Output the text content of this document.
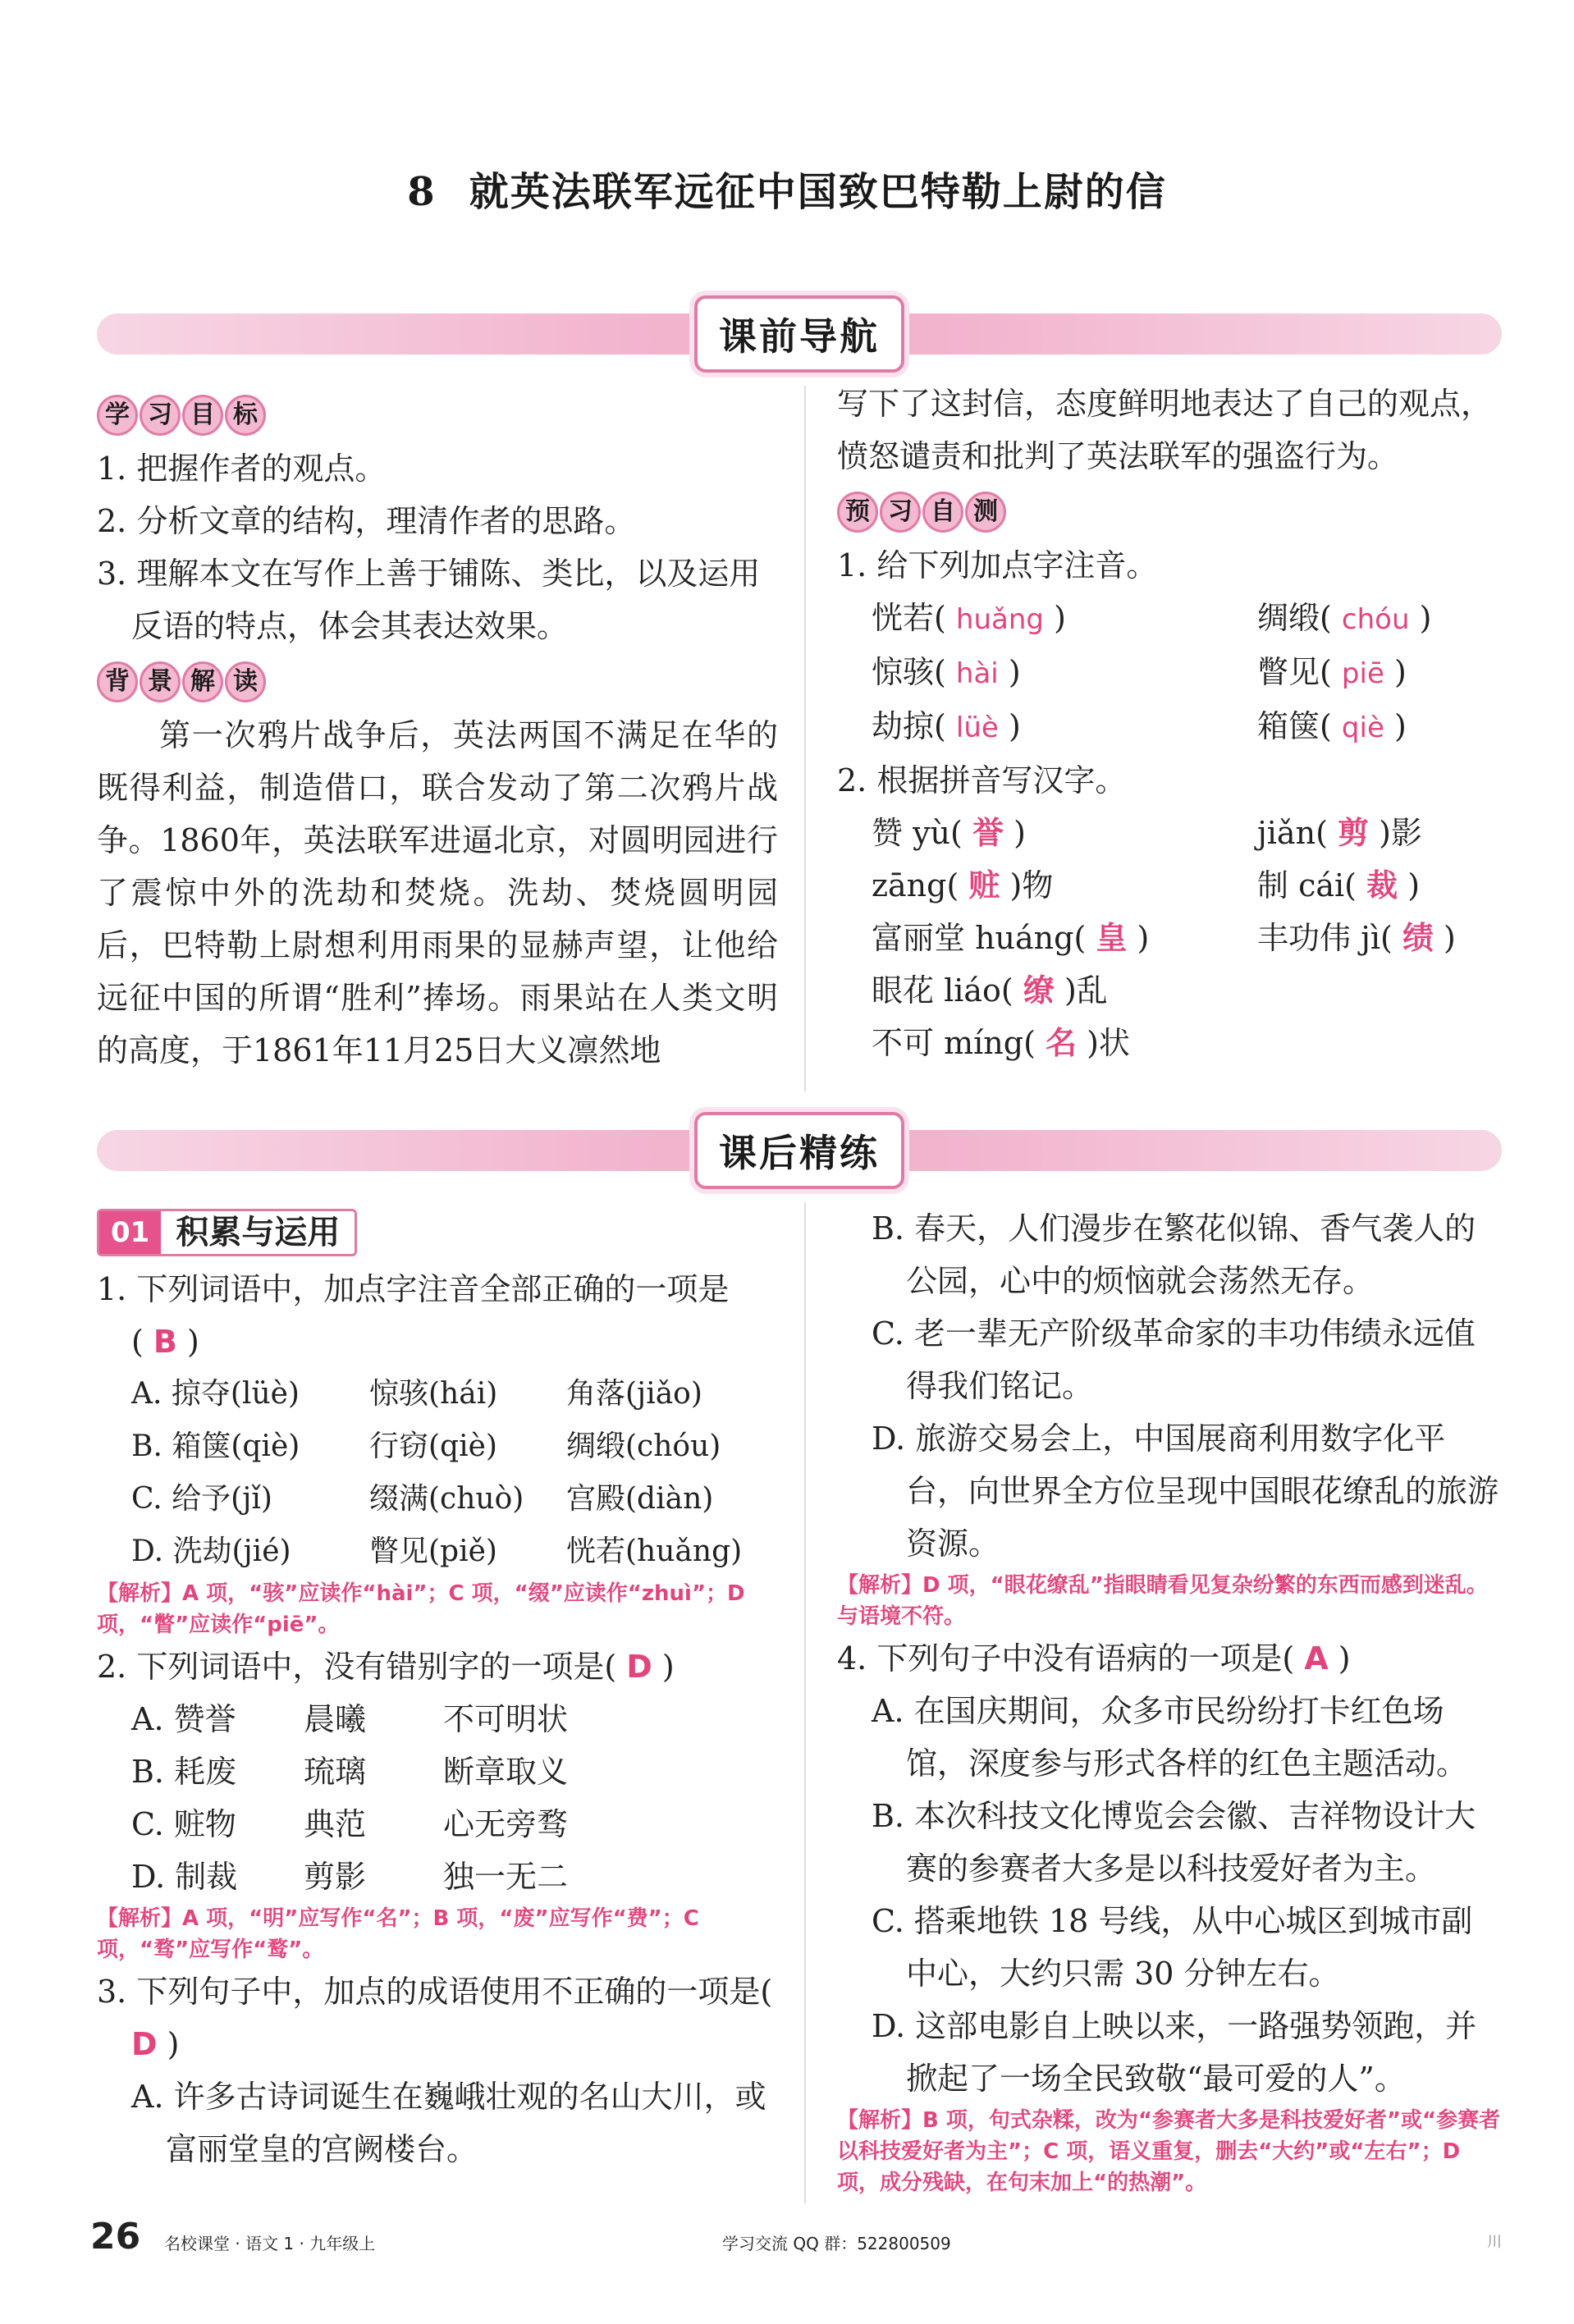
8 就英法联军远征中国致巴特勒上尉的信
课前导航
学 习 目 标

1. 把握作者的观点。

2. 分析文章的结构，理清作者的思路。

3. 理解本文在写作上善于铺陈、类比，以及运用反语的特点，体会其表达效果。

背 景 解 读

第一次鸦片战争后，英法两国不满足在华的既得利益，制造借口，联合发动了第二次鸦片战争。1860年，英法联军进逼北京，对圆明园进行了震惊中外的洗劫和焚烧。洗劫、焚烧圆明园后，巴特勒上尉想利用雨果的显赫声望，让他给远征中国的所谓“胜利”捧场。雨果站在人类文明的高度，于1861年11月25日大义凛然地

写下了这封信，态度鲜明地表达了自己的观点，愤怒谴责和批判了英法联军的强盗行为。

预 习 自 测

1. 给下列加点字注音。

恍若( huǎng )	绸缎( chóu )
惊骇( hài )	瞥见( piē )
劫掠( lüè )	箱箧( qiè )

2. 根据拼音写汉字。

赞 yù( 誉 )	jiǎn( 剪 )影
zāng( 赃 )物	制 cái( 裁 )
富丽堂 huáng( 皇 )	丰功伟 jì( 绩 )
眼花 liáo( 缭 )乱
不可 míng( 名 )状
课后精练
01 积累与运用

1. 下列词语中，加点字注音全部正确的一项是

( B )

A. 掠夺(lüè)	惊骇(hái)	角落(jiǎo)
B. 箱箧(qiè)	行窃(qiè)	绸缎(chóu)
C. 给予(jǐ)	缀满(chuò)	宫殿(diàn)
D. 洗劫(jié)	瞥见(piě)	恍若(huǎng)

【解析】A 项，“骇”应读作“hài”；C 项，“缀”应读作“zhuì”；D 项，“瞥”应读作“piē”。

2. 下列词语中，没有错别字的一项是( D )

A. 赞誉	晨曦	不可明状
B. 耗废	琉璃	断章取义
C. 赃物	典范	心无旁骛
D. 制裁	剪影	独一无二

【解析】A 项，“明”应写作“名”；B 项，“废”应写作“费”；C 项，“骛”应写作“鹜”。

3. 下列句子中，加点的成语使用不正确的一项是( D )

A. 许多古诗词诞生在巍峨壮观的名山大川，或富丽堂皇的宫阙楼台。

B. 春天，人们漫步在繁花似锦、香气袭人的公园，心中的烦恼就会荡然无存。

C. 老一辈无产阶级革命家的丰功伟绩永远值得我们铭记。

D. 旅游交易会上，中国展商利用数字化平台，向世界全方位呈现中国眼花缭乱的旅游资源。

【解析】D 项，“眼花缭乱”指眼睛看见复杂纷繁的东西而感到迷乱。与语境不符。

4. 下列句子中没有语病的一项是( A )

A. 在国庆期间，众多市民纷纷打卡红色场馆，深度参与形式各样的红色主题活动。

B. 本次科技文化博览会会徽、吉祥物设计大赛的参赛者大多是以科技爱好者为主。

C. 搭乘地铁 18 号线，从中心城区到城市副中心，大约只需 30 分钟左右。

D. 这部电影自上映以来，一路强势领跑，并掀起了一场全民致敬“最可爱的人”。

【解析】B 项，句式杂糅，改为“参赛者大多是科技爱好者”或“参赛者以科技爱好者为主”；C 项，语义重复，删去“大约”或“左右”；D 项，成分残缺，在句末加上“的热潮”。

26 名校课堂 · 语文 1 · 九年级上	学习交流 QQ 群：522800509	川
